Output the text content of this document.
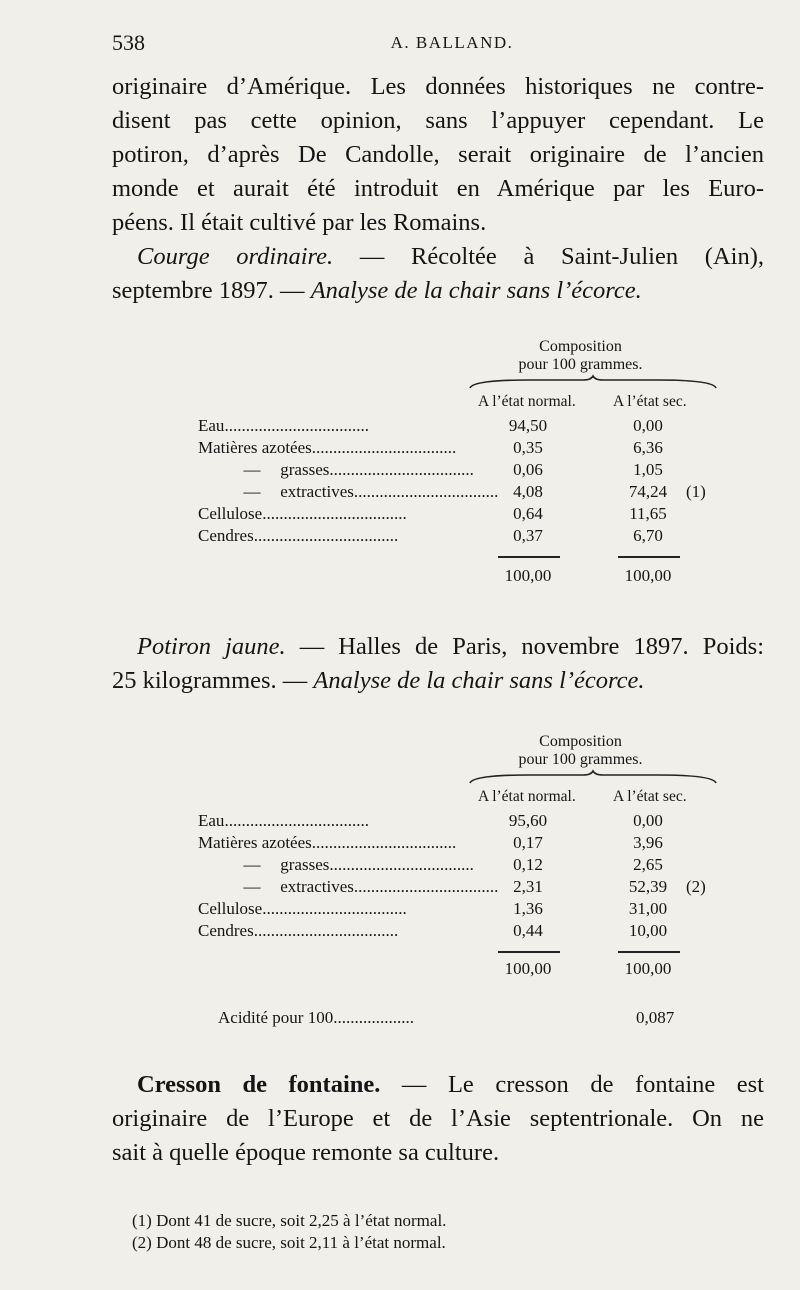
538	A. BALLAND.
originaire d’Amérique. Les données historiques ne contre-
disent pas cette opinion, sans l’appuyer cependant. Le
potiron, d’après De Candolle, serait originaire de l’ancien
monde et aurait été introduit en Amérique par les Euro-
péens. Il était cultivé par les Romains.
Courge ordinaire. — Récoltée à Saint-Julien (Ain),
septembre 1897. — Analyse de la chair sans l’écorce.
Composition
pour 100 grammes.
A l’état normal. A l’état sec.
Eau..................................	94,50	0,00
Matières azotées..................................	0,35	6,36
— grasses..................................	0,06	1,05
— extractives.................................. 4,08	74,24	(1)
Cellulose..................................	0,64	11,65
Cendres..................................	0,37	6,70
100,00	100,00
Potiron jaune. — Halles de Paris, novembre 1897. Poids:
25 kilogrammes. — Analyse de la chair sans l’écorce.
Composition
pour 100 grammes.
A l’état normal. A l’état sec.
Eau..................................	95,60	0,00
Matières azotées..................................	0,17	3,96
— grasses..................................	0,12	2,65
— extractives.................................. 2,31	52,39	(2)
Cellulose..................................	1,36	31,00
Cendres..................................	0,44	10,00
100,00	100,00
Acidité pour 100...................	0,087
Cresson de fontaine. — Le cresson de fontaine est
originaire de l’Europe et de l’Asie septentrionale. On ne
sait à quelle époque remonte sa culture.
(1) Dont 41 de sucre, soit 2,25 à l’état normal.
(2) Dont 48 de sucre, soit 2,11 à l’état normal.
